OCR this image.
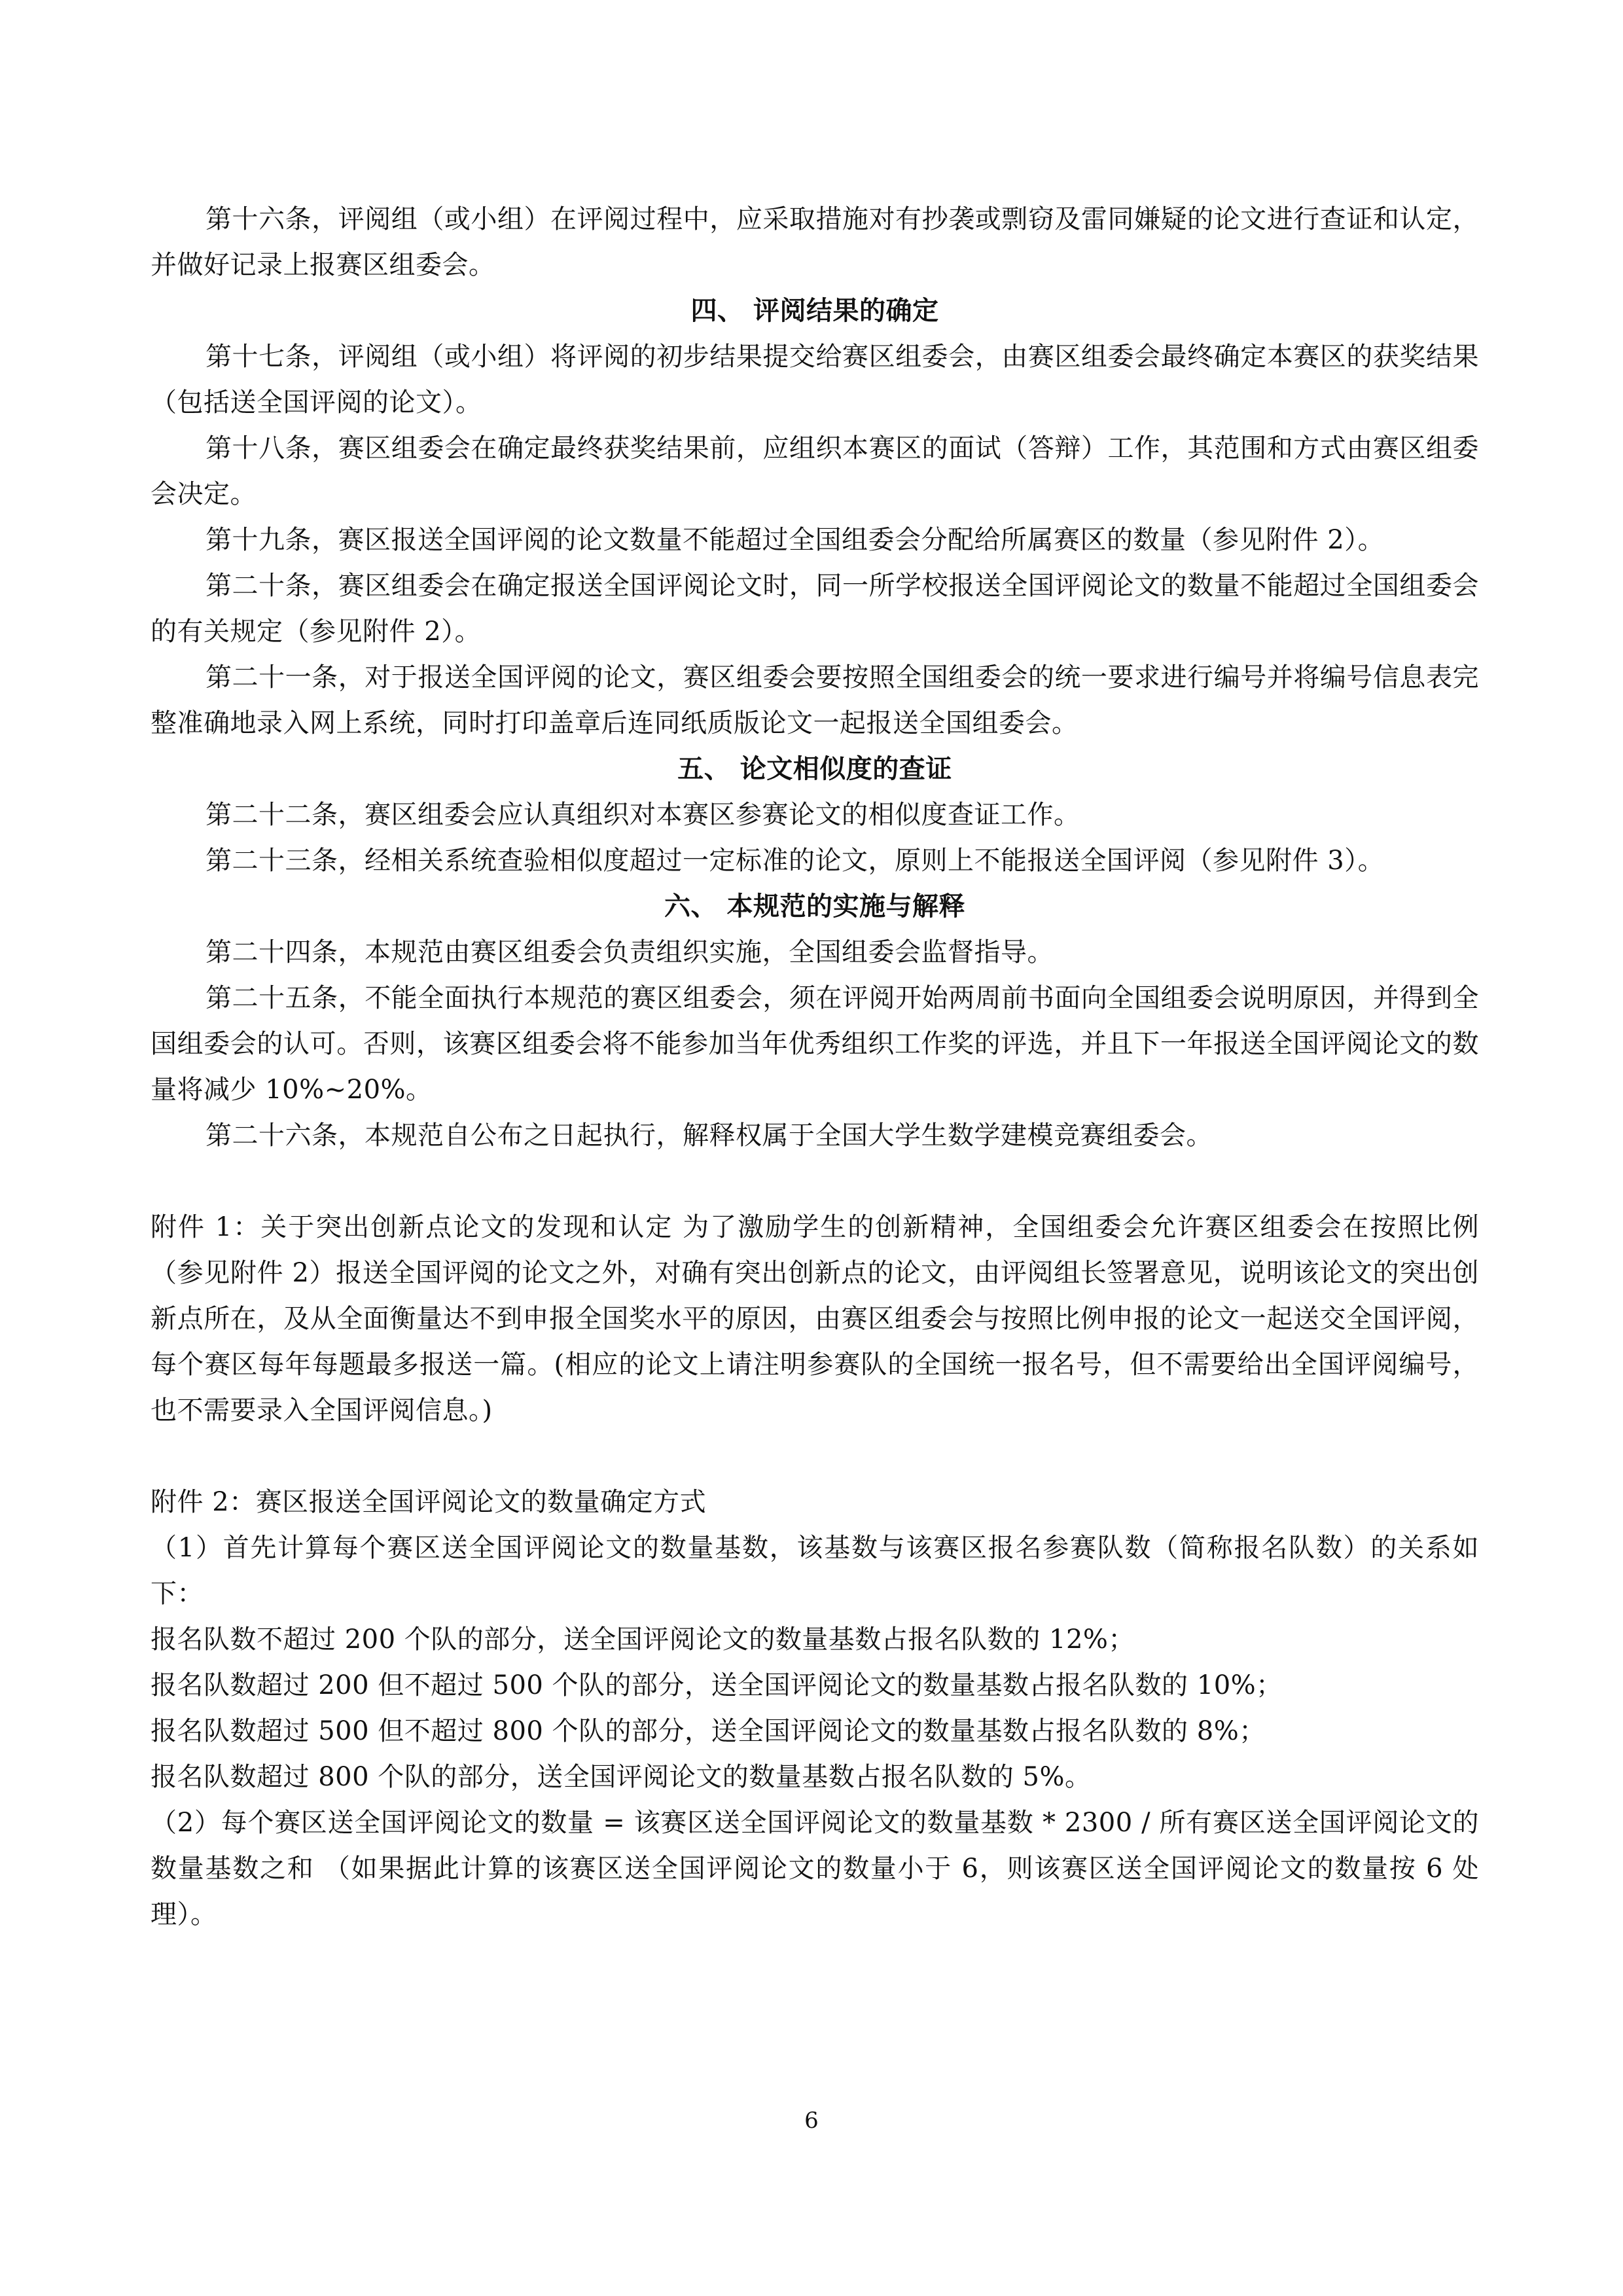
第十六条，评阅组（或小组）在评阅过程中，应采取措施对有抄袭或剽窃及雷同嫌疑的论文进行查证和认定，并做好记录上报赛区组委会。

四、 评阅结果的确定

第十七条，评阅组（或小组）将评阅的初步结果提交给赛区组委会，由赛区组委会最终确定本赛区的获奖结果（包括送全国评阅的论文）。

第十八条，赛区组委会在确定最终获奖结果前，应组织本赛区的面试（答辩）工作，其范围和方式由赛区组委会决定。

第十九条，赛区报送全国评阅的论文数量不能超过全国组委会分配给所属赛区的数量（参见附件 2）。

第二十条，赛区组委会在确定报送全国评阅论文时，同一所学校报送全国评阅论文的数量不能超过全国组委会的有关规定（参见附件 2）。

第二十一条，对于报送全国评阅的论文，赛区组委会要按照全国组委会的统一要求进行编号并将编号信息表完整准确地录入网上系统，同时打印盖章后连同纸质版论文一起报送全国组委会。

五、 论文相似度的查证

第二十二条，赛区组委会应认真组织对本赛区参赛论文的相似度查证工作。

第二十三条，经相关系统查验相似度超过一定标准的论文，原则上不能报送全国评阅（参见附件 3）。

六、 本规范的实施与解释

第二十四条，本规范由赛区组委会负责组织实施，全国组委会监督指导。

第二十五条，不能全面执行本规范的赛区组委会，须在评阅开始两周前书面向全国组委会说明原因，并得到全国组委会的认可。否则，该赛区组委会将不能参加当年优秀组织工作奖的评选，并且下一年报送全国评阅论文的数量将减少 10%~20%。

第二十六条，本规范自公布之日起执行，解释权属于全国大学生数学建模竞赛组委会。

附件 1：关于突出创新点论文的发现和认定 为了激励学生的创新精神，全国组委会允许赛区组委会在按照比例（参见附件 2）报送全国评阅的论文之外，对确有突出创新点的论文，由评阅组长签署意见，说明该论文的突出创新点所在，及从全面衡量达不到申报全国奖水平的原因，由赛区组委会与按照比例申报的论文一起送交全国评阅，每个赛区每年每题最多报送一篇。(相应的论文上请注明参赛队的全国统一报名号，但不需要给出全国评阅编号，也不需要录入全国评阅信息。)

附件 2：赛区报送全国评阅论文的数量确定方式

（1）首先计算每个赛区送全国评阅论文的数量基数，该基数与该赛区报名参赛队数（简称报名队数）的关系如下：

报名队数不超过 200 个队的部分，送全国评阅论文的数量基数占报名队数的 12%；

报名队数超过 200 但不超过 500 个队的部分，送全国评阅论文的数量基数占报名队数的 10%；

报名队数超过 500 但不超过 800 个队的部分，送全国评阅论文的数量基数占报名队数的 8%；

报名队数超过 800 个队的部分，送全国评阅论文的数量基数占报名队数的 5%。

（2）每个赛区送全国评阅论文的数量 = 该赛区送全国评阅论文的数量基数 * 2300 / 所有赛区送全国评阅论文的数量基数之和 （如果据此计算的该赛区送全国评阅论文的数量小于 6，则该赛区送全国评阅论文的数量按 6 处理）。

6
